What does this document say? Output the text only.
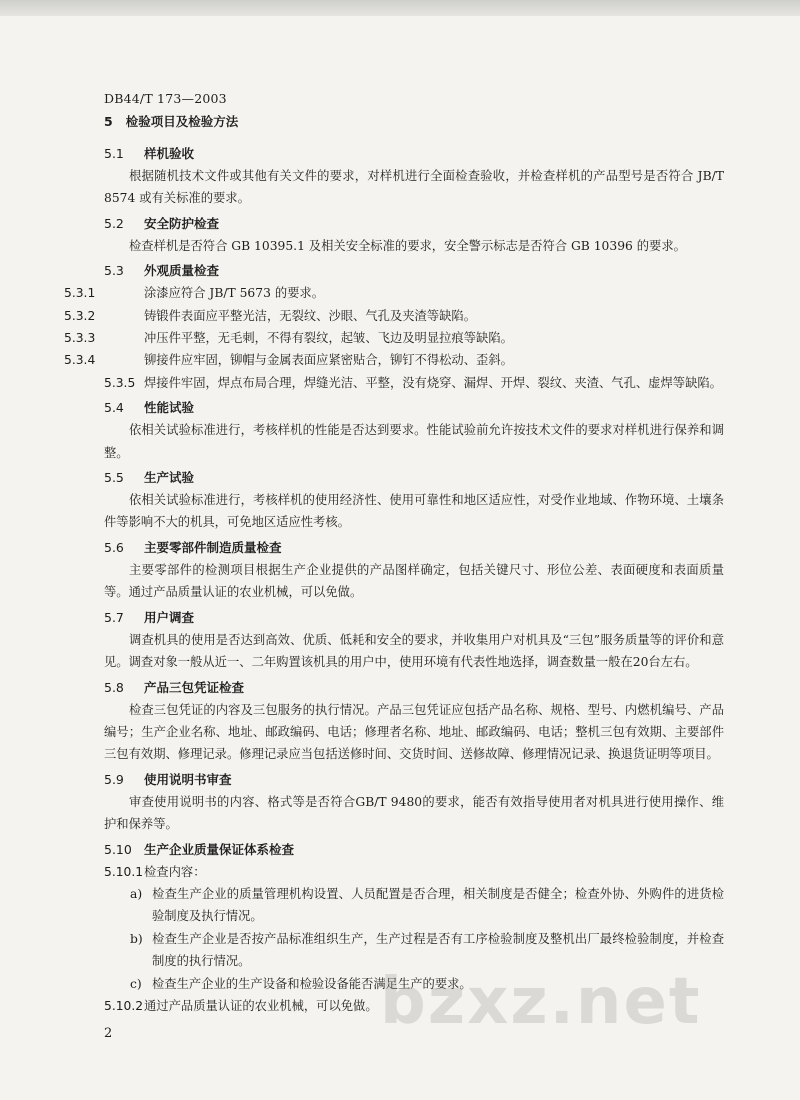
DB44/T 173—2003
5 检验项目及检验方法
5.1 样机验收
根据随机技术文件或其他有关文件的要求，对样机进行全面检查验收，并检查样机的产品型号是否符合 JB/T 8574 或有关标准的要求。
5.2 安全防护检查
检查样机是否符合 GB 10395.1 及相关安全标准的要求，安全警示标志是否符合 GB 10396 的要求。
5.3 外观质量检查
5.3.1	涂漆应符合 JB/T 5673 的要求。
5.3.2	铸锻件表面应平整光洁，无裂纹、沙眼、气孔及夹渣等缺陷。
5.3.3	冲压件平整，无毛刺，不得有裂纹，起皱、飞边及明显拉痕等缺陷。
5.3.4	铆接件应牢固，铆帽与金属表面应紧密贴合，铆钉不得松动、歪斜。
5.3.5 焊接件牢固，焊点布局合理，焊缝光洁、平整，没有烧穿、漏焊、开焊、裂纹、夹渣、气孔、虚焊等缺陷。
5.4 性能试验
依相关试验标准进行，考核样机的性能是否达到要求。性能试验前允许按技术文件的要求对样机进行保养和调整。
5.5 生产试验
依相关试验标准进行，考核样机的使用经济性、使用可靠性和地区适应性，对受作业地域、作物环境、土壤条件等影响不大的机具，可免地区适应性考核。
5.6 主要零部件制造质量检查
主要零部件的检测项目根据生产企业提供的产品图样确定，包括关键尺寸、形位公差、表面硬度和表面质量等。通过产品质量认证的农业机械，可以免做。
5.7 用户调查
调查机具的使用是否达到高效、优质、低耗和安全的要求，并收集用户对机具及“三包”服务质量等的评价和意见。调查对象一般从近一、二年购置该机具的用户中，使用环境有代表性地选择，调查数量一般在20台左右。
5.8 产品三包凭证检查
检查三包凭证的内容及三包服务的执行情况。产品三包凭证应包括产品名称、规格、型号、内燃机编号、产品编号；生产企业名称、地址、邮政编码、电话；修理者名称、地址、邮政编码、电话；整机三包有效期、主要部件三包有效期、修理记录。修理记录应当包括送修时间、交货时间、送修故障、修理情况记录、换退货证明等项目。
5.9 使用说明书审查
审查使用说明书的内容、格式等是否符合GB/T 9480的要求，能否有效指导使用者对机具进行使用操作、维护和保养等。
5.10 生产企业质量保证体系检查
5.10.1检查内容：
a) 检查生产企业的质量管理机构设置、人员配置是否合理，相关制度是否健全；检查外协、外购件的进货检验制度及执行情况。
b) 检查生产企业是否按产品标准组织生产，生产过程是否有工序检验制度及整机出厂最终检验制度，并检查制度的执行情况。
c) 检查生产企业的生产设备和检验设备能否满足生产的要求。
5.10.2通过产品质量认证的农业机械，可以免做。 bzxz.net
2
